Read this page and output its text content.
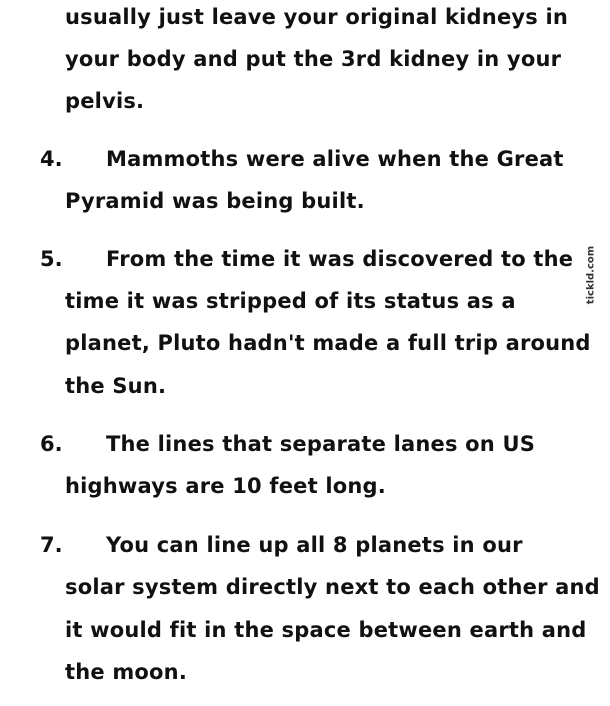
usually just leave your original kidneys in
your body and put the 3rd kidney in your
pelvis.
4. Mammoths were alive when the Great
Pyramid was being built.
5. From the time it was discovered to the
time it was stripped of its status as a
planet, Pluto hadn't made a full trip around
the Sun.
6. The lines that separate lanes on US
highways are 10 feet long.
7. You can line up all 8 planets in our
solar system directly next to each other and
it would fit in the space between earth and
the moon.
tickld.com
